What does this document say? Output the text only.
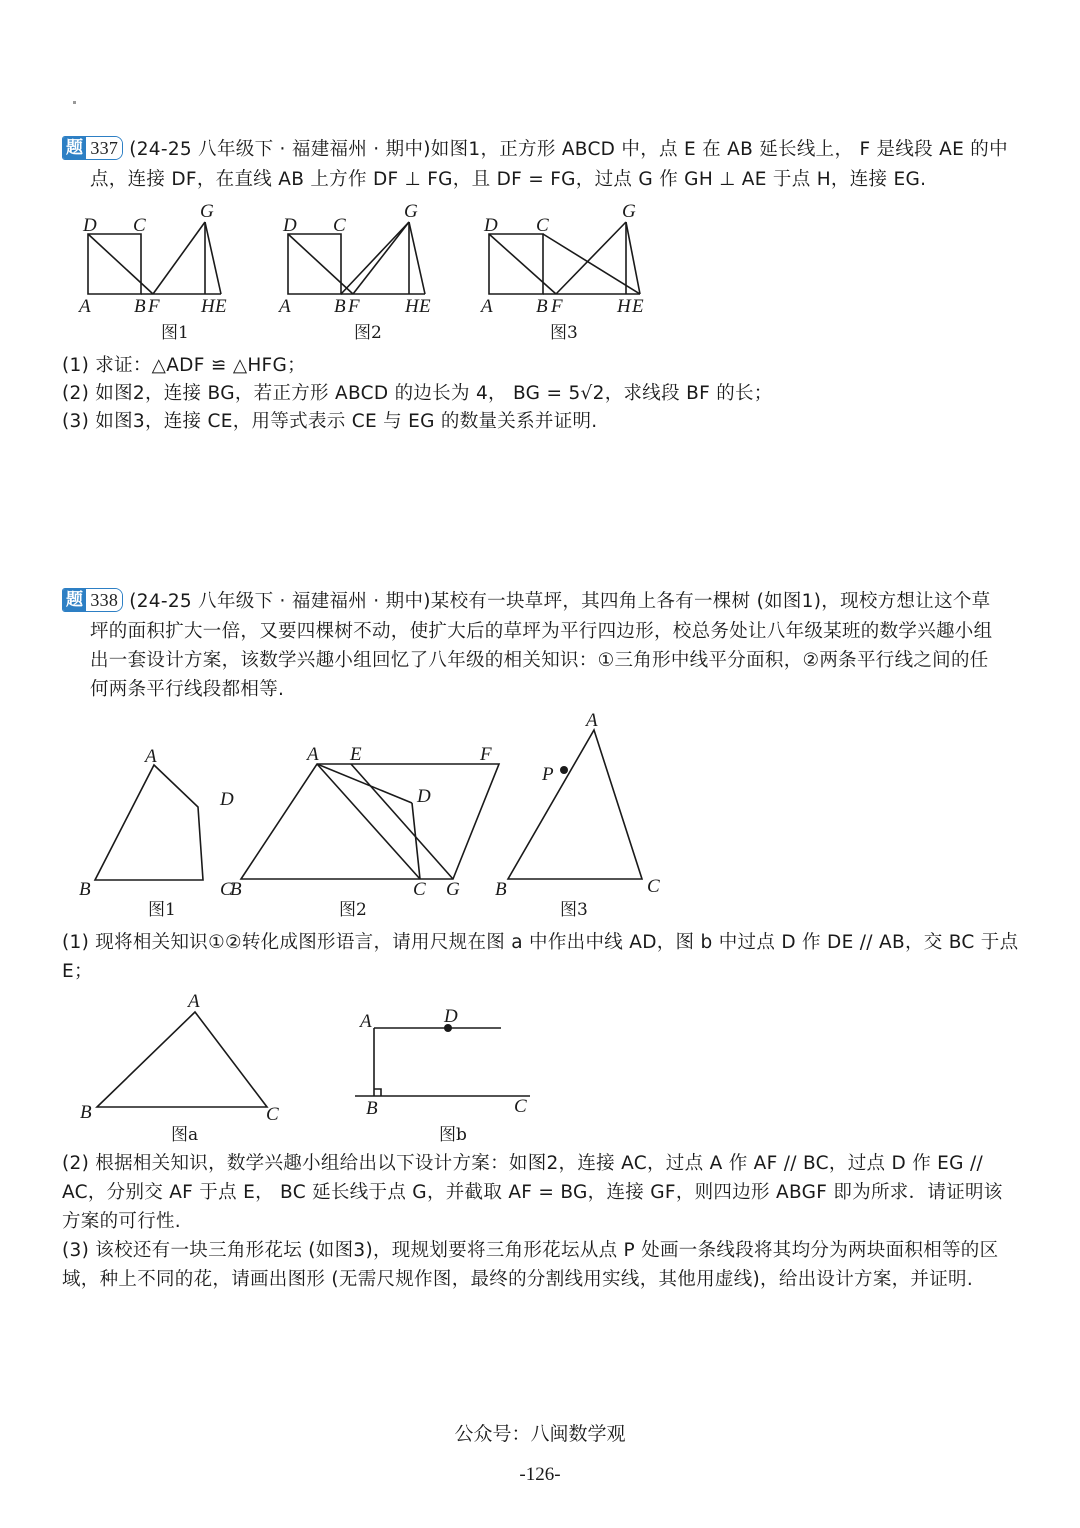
题 337 (24-25 八年级下 · 福建福州 · 期中)如图1，正方形 ABCD 中，点 E 在 AB 延长线上， F 是线段 AE 的中
点，连接 DF，在直线 AB 上方作 DF ⊥ FG，且 DF = FG，过点 G 作 GH ⊥ AE 于点 H，连接 EG.
D C
G
A B F H E
图1
D C
G
A B F H E
图2
D C
G
A B F	H E
图3
(1) 求证：△ADF ≌ △HFG；
(2) 如图2，连接 BG，若正方形 ABCD 的边长为 4， BG = 5√2，求线段 BF 的长；
(3) 如图3，连接 CE，用等式表示 CE 与 EG 的数量关系并证明.
题 338 (24-25 八年级下 · 福建福州 · 期中)某校有一块草坪，其四角上各有一棵树 (如图1)，现校方想让这个草
坪的面积扩大一倍，又要四棵树不动，使扩大后的草坪为平行四边形，校总务处让八年级某班的数学兴趣小组
出一套设计方案，该数学兴趣小组回忆了八年级的相关知识：①三角形中线平分面积，②两条平行线之间的任
何两条平行线段都相等.
A
D
B	C
图1
A E	F
D
B	C G
图2
A
P
B	C
图3
(1) 现将相关知识①②转化成图形语言，请用尺规在图 a 中作出中线 AD，图 b 中过点 D 作 DE // AB，交 BC 于点
E；
A
B	C
图a
A	D
B	C
图b
(2) 根据相关知识，数学兴趣小组给出以下设计方案：如图2，连接 AC，过点 A 作 AF // BC，过点 D 作 EG //
AC，分别交 AF 于点 E， BC 延长线于点 G，并截取 AF = BG，连接 GF，则四边形 ABGF 即为所求．请证明该
方案的可行性.
(3) 该校还有一块三角形花坛 (如图3)，现规划要将三角形花坛从点 P 处画一条线段将其均分为两块面积相等的区
域，种上不同的花，请画出图形 (无需尺规作图，最终的分割线用实线，其他用虚线)，给出设计方案，并证明.
公众号：八闽数学观
-126-
